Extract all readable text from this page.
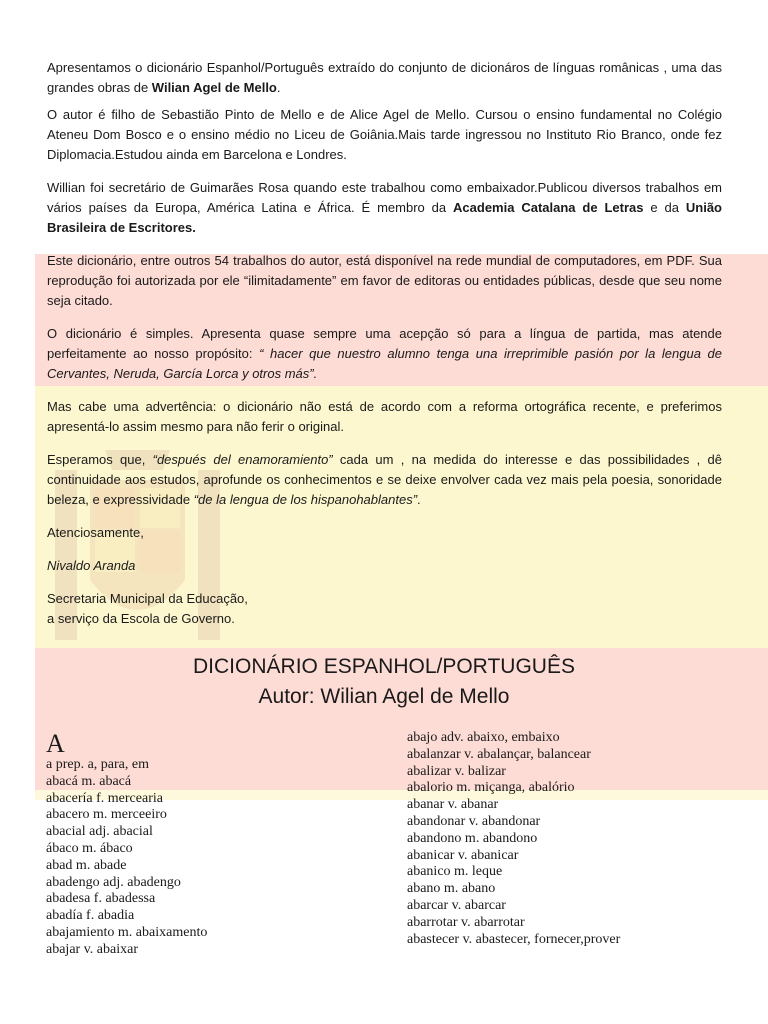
Apresentamos o dicionário Espanhol/Português extraído do conjunto de dicionáros de línguas românicas , uma das grandes obras de Wilian Agel de Mello.

O autor é filho de Sebastião Pinto de Mello e de Alice Agel de Mello. Cursou o ensino fundamental no Colégio Ateneu Dom Bosco e o ensino médio no Liceu de Goiânia.Mais tarde ingressou no Instituto Rio Branco, onde fez Diplomacia.Estudou ainda em Barcelona e Londres.

Willian foi secretário de Guimarães Rosa quando este trabalhou como embaixador.Publicou diversos trabalhos em vários países da Europa, América Latina e África. É membro da Academia Catalana de Letras e da União Brasileira de Escritores.

Este dicionário, entre outros 54 trabalhos do autor, está disponível na rede mundial de computadores, em PDF. Sua reprodução foi autorizada por ele “ilimitadamente” em favor de editoras ou entidades públicas, desde que seu nome seja citado.

O dicionário é simples. Apresenta quase sempre uma acepção só para a língua de partida, mas atende perfeitamente ao nosso propósito: “ hacer que nuestro alumno tenga una irreprimible pasión por la lengua de Cervantes, Neruda, García Lorca y otros más”.

Mas cabe uma advertência: o dicionário não está de acordo com a reforma ortográfica recente, e preferimos apresentá-lo assim mesmo para não ferir o original.

Esperamos que, “después del enamoramiento” cada um , na medida do interesse e das possibilidades , dê continuidade aos estudos, aprofunde os conhecimentos e se deixe envolver cada vez mais pela poesia, sonoridade beleza, e expressividade “de la lengua de los hispanohablantes”.

Atenciosamente,

Nivaldo Aranda

Secretaria Municipal da Educação,
a serviço da Escola de Governo.

DICIONÁRIO ESPANHOL/PORTUGUÊS
Autor: Wilian Agel de Mello
A
a prep. a, para, em
abacá m. abacá
abacería f. mercearia
abacero m. merceeiro
abacial adj. abacial
ábaco m. ábaco
abad m. abade
abadengo adj. abadengo
abadesa f. abadessa
abadía f. abadia
abajamiento m. abaixamento
abajar v. abaixar
abajo adv. abaixo, embaixo
abalanzar v. abalançar, balancear
abalizar v. balizar
abalorio m. miçanga, abalório
abanar v. abanar
abandonar v. abandonar
abandono m. abandono
abanicar v. abanicar
abanico m. leque
abano m. abano
abarcar v. abarcar
abarrotar v. abarrotar
abastecer v. abastecer, fornecer,prover
